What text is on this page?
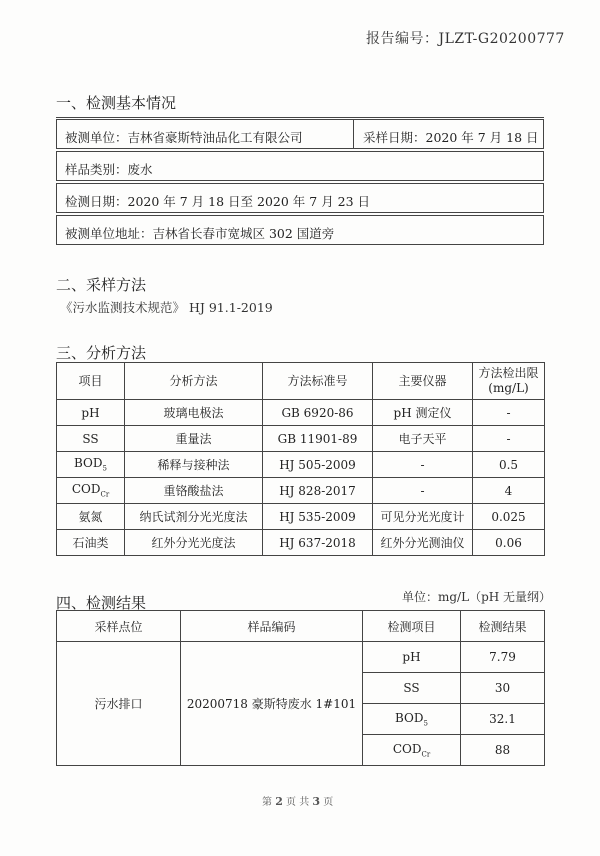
报告编号：JLZT-G20200777
一、检测基本情况
被测单位：吉林省豪斯特油品化工有限公司	采样日期：2020 年 7 月 18 日
样品类别：废水
检测日期：2020 年 7 月 18 日至 2020 年 7 月 23 日
被测单位地址：吉林省长春市宽城区 302 国道旁
二、采样方法
《污水监测技术规范》 HJ 91.1-2019
三、分析方法
项目	分析方法	方法标准号	主要仪器	方法检出限
(mg/L)
pH	玻璃电极法	GB 6920-86	pH 测定仪	-
SS	重量法	GB 11901-89	电子天平	-
$BOD_5$	稀释与接种法	HJ 505-2009	-	0.5
$COD_{Cr}$	重铬酸盐法	HJ 828-2017	-	4
氨氮	纳氏试剂分光光度法	HJ 535-2009	可见分光光度计	0.025
石油类	红外分光光度法	HJ 637-2018	红外分光测油仪	0.06
四、检测结果	单位：mg/L（pH 无量纲）
采样点位	样品编码	检测项目	检测结果
污水排口	20200718 豪斯特废水 1#101	pH	7.79
		SS	30
		$BOD_5$	32.1
		$COD_{Cr}$	88
第 2 页 共 3 页
